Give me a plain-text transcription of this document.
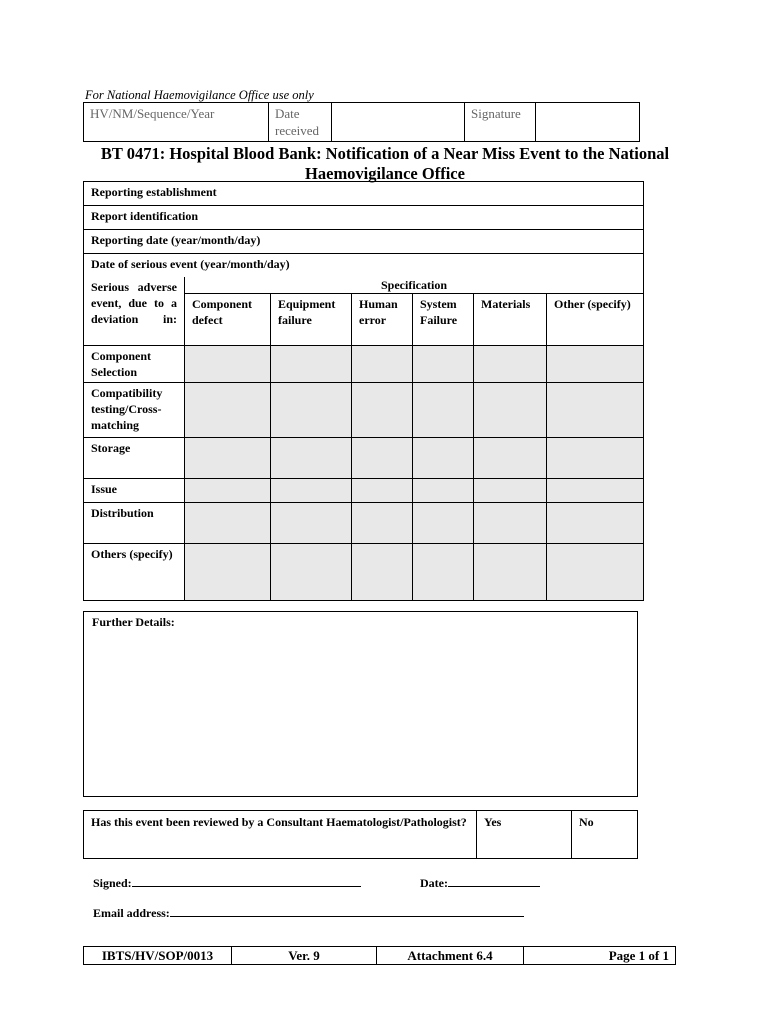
For National Haemovigilance Office use only
HV/NM/Sequence/Year	Date received		Signature	
BT 0471: Hospital Blood Bank: Notification of a Near Miss Event to the National Haemovigilance Office
Reporting establishment						
Report identification						
Reporting date (year/month/day)						
Date of serious event (year/month/day)						
Serious adverse event, due to a deviation in:	Specification					
	Component defect	Equipment failure	Human error	System Failure	Materials	Other (specify)
Component Selection						
Compatibility testing/Cross-matching						
Storage						
Issue						
Distribution						
Others (specify)						
Further Details:
Has this event been reviewed by a Consultant Haematologist/Pathologist?	Yes	No
Signed:	Date:
Email address:
IBTS/HV/SOP/0013	Ver. 9	Attachment 6.4	Page 1 of 1
